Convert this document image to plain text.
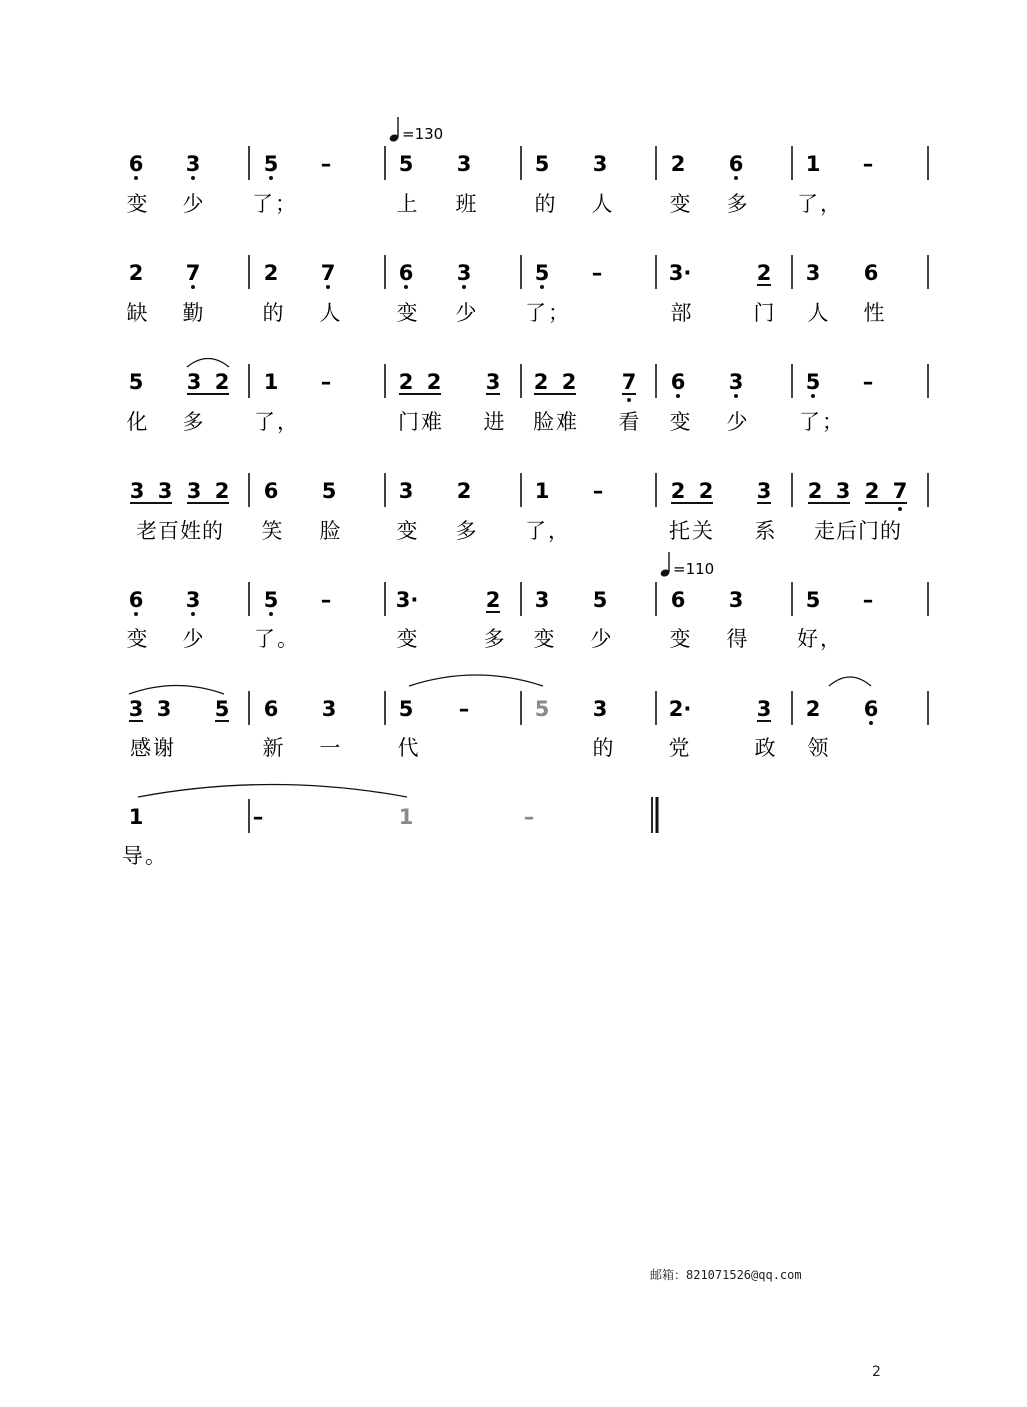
6 3	5 –	5 3	5 3	2 6	1 –
变 少 了；	上 班	的 人	变 多 了，
2 7	2 7	6 3	5 –	3·	2 3 6
缺 勤	的 人	变 少 了；	部	门 人 性
5 3 2 1 –	2 2 3 2 2 7 6 3	5 –
化 多 了，	门难 进 脸难 看 变 少 了；
3 3 3 2 6 5	3 2	1 –	2 2 3 2 3 2 7
老百姓的 笑 脸	变 多 了，	托关 系 走后门的
6 3	5 –	3·	2 3 5	6 3	5 –
变 少 了。	变	多 变 少	变 得 好，
3 3 5 6 3	5 –	5 3	2·	3 2 6
感谢	新 一	代	的	党	政 领
1	–	1	–
导。
=130
=110
邮箱：821071526@qq.com
2
